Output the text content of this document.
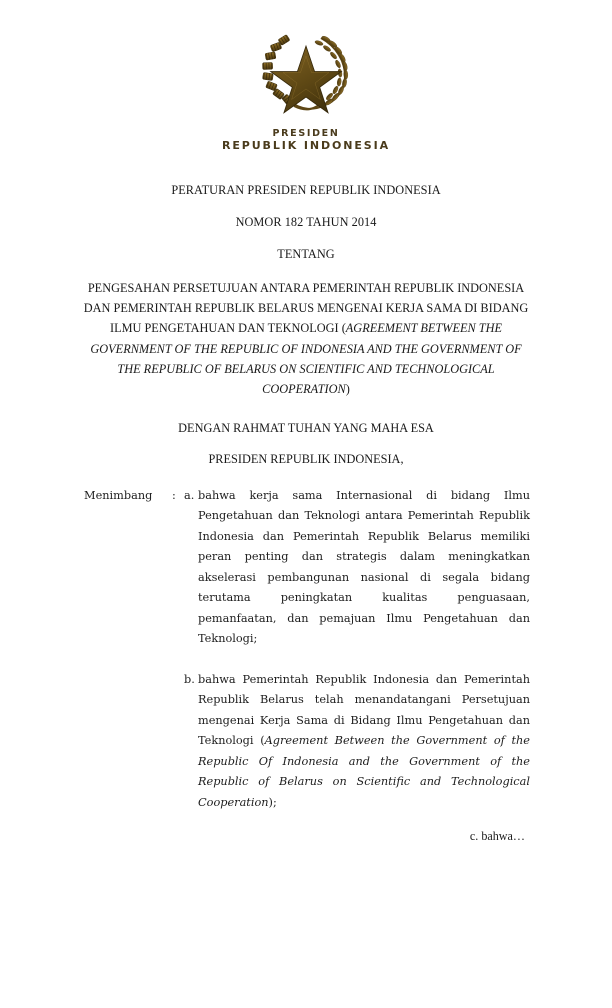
PRESIDEN
REPUBLIK INDONESIA
PERATURAN PRESIDEN REPUBLIK INDONESIA
NOMOR 182 TAHUN 2014
TENTANG
PENGESAHAN PERSETUJUAN ANTARA PEMERINTAH REPUBLIK INDONESIA DAN PEMERINTAH REPUBLIK BELARUS MENGENAI KERJA SAMA DI BIDANG ILMU PENGETAHUAN DAN TEKNOLOGI (AGREEMENT BETWEEN THE GOVERNMENT OF THE REPUBLIC OF INDONESIA AND THE GOVERNMENT OF THE REPUBLIC OF BELARUS ON SCIENTIFIC AND TECHNOLOGICAL COOPERATION)
DENGAN RAHMAT TUHAN YANG MAHA ESA
PRESIDEN REPUBLIK INDONESIA,
Menimbang	: a. bahwa kerja sama Internasional di bidang Ilmu Pengetahuan dan Teknologi antara Pemerintah Republik Indonesia dan Pemerintah Republik Belarus memiliki peran penting dan strategis dalam meningkatkan akselerasi pembangunan nasional di segala bidang terutama peningkatan kualitas penguasaan, pemanfaatan, dan pemajuan Ilmu Pengetahuan dan Teknologi;
b. bahwa Pemerintah Republik Indonesia dan Pemerintah Republik Belarus telah menandatangani Persetujuan mengenai Kerja Sama di Bidang Ilmu Pengetahuan dan Teknologi (Agreement Between the Government of the Republic Of Indonesia and the Government of the Republic of Belarus on Scientific and Technological Cooperation);
c. bahwa…
